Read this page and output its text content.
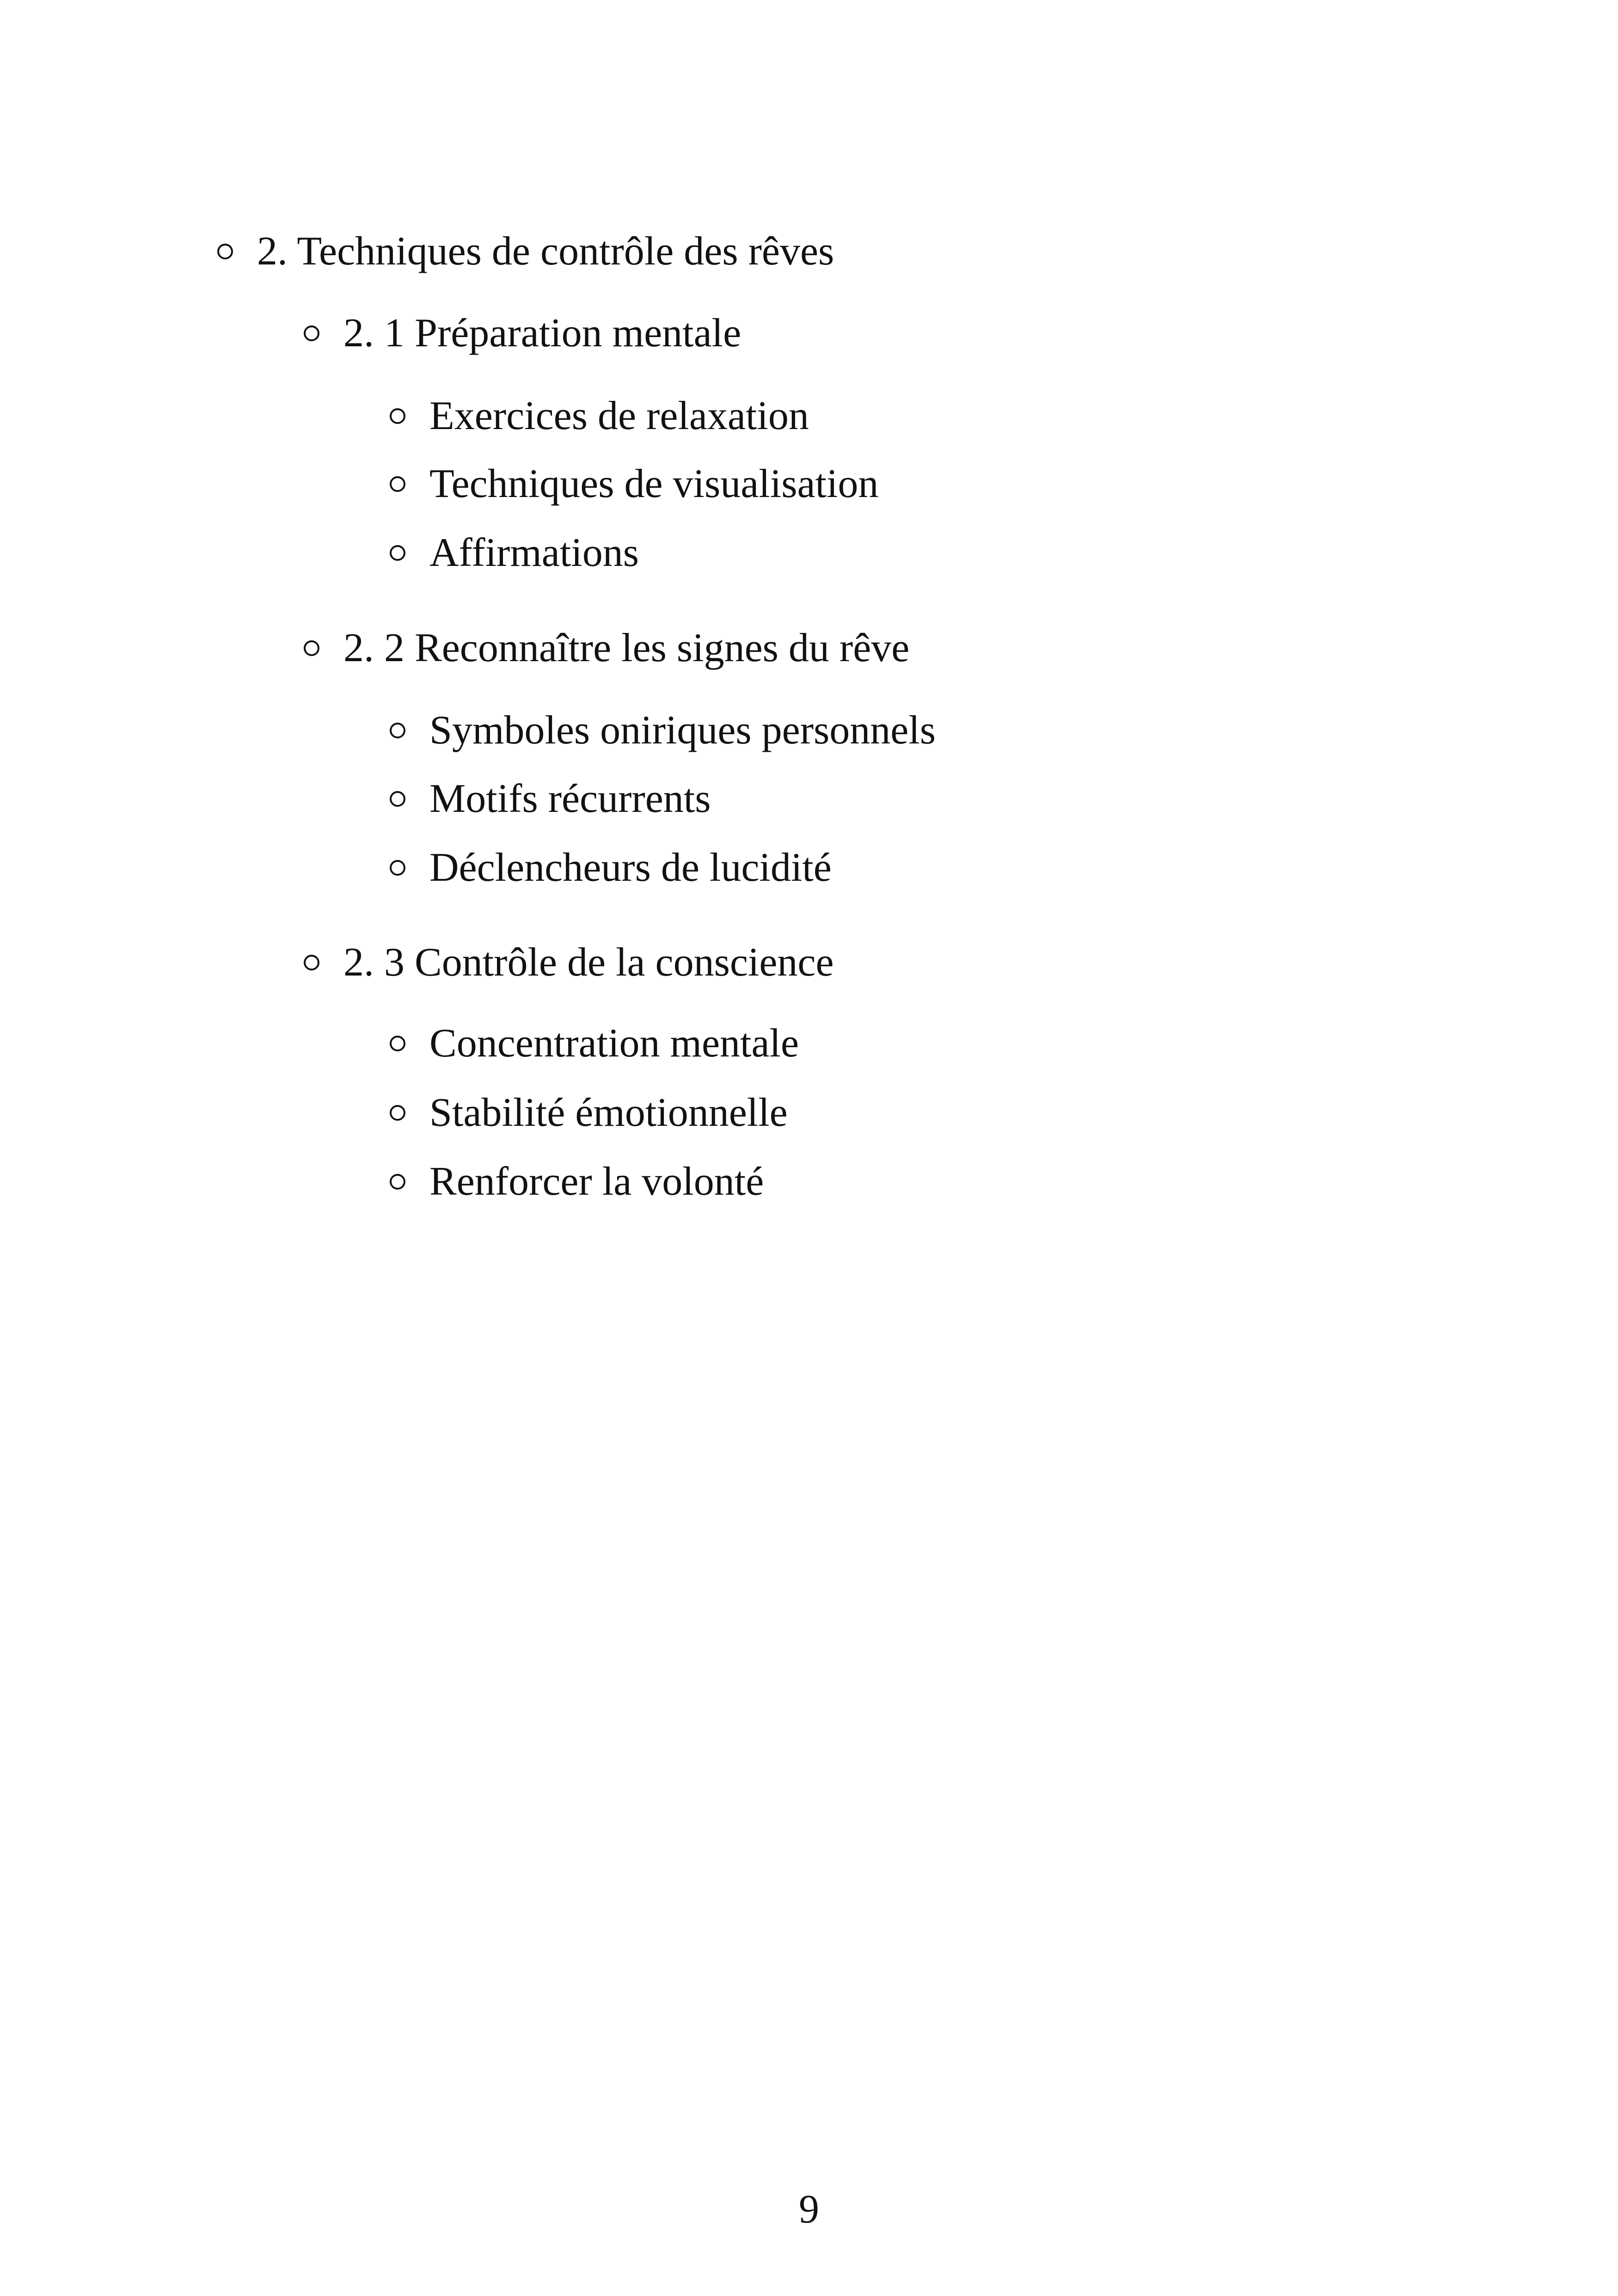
2. Techniques de contrôle des rêves
2. 1 Préparation mentale
Exercices de relaxation
Techniques de visualisation
Affirmations
2. 2 Reconnaître les signes du rêve
Symboles oniriques personnels
Motifs récurrents
Déclencheurs de lucidité
2. 3 Contrôle de la conscience
Concentration mentale
Stabilité émotionnelle
Renforcer la volonté
9
